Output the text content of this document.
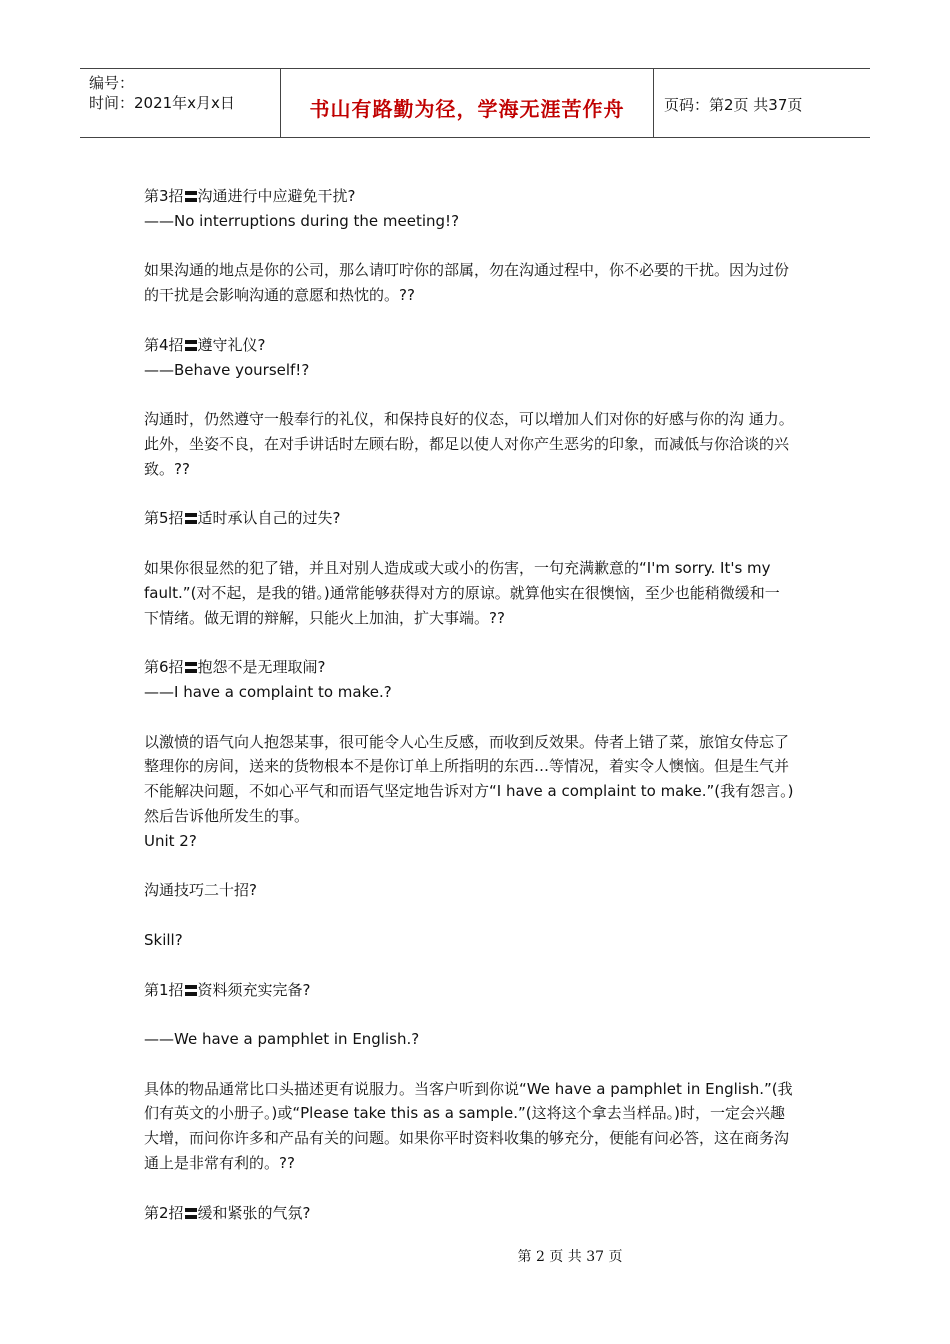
编号：
时间：2021年x月x日	书山有路勤为径，学海无涯苦作舟	页码：第2页 共37页

第3招 沟通进行中应避免干扰?

——No interruptions during the meeting!?

如果沟通的地点是你的公司，那么请叮咛你的部属，勿在沟通过程中，你不必要的干扰。因为过份的干扰是会影响沟通的意愿和热忱的。??

第4招 遵守礼仪?

——Behave yourself!?

沟通时，仍然遵守一般奉行的礼仪，和保持良好的仪态，可以增加人们对你的好感与你的沟 通力。此外，坐姿不良，在对手讲话时左顾右盼，都足以使人对你产生恶劣的印象，而减低与你洽谈的兴致。??

第5招 适时承认自己的过失?

如果你很显然的犯了错，并且对别人造成或大或小的伤害，一句充满歉意的“I'm sorry. It's my fault.”(对不起，是我的错。)通常能够获得对方的原谅。就算他实在很懊恼，至少也能稍微缓和一下情绪。做无谓的辩解，只能火上加油，扩大事端。??

第6招 抱怨不是无理取闹?

——I have a complaint to make.?

以激愤的语气向人抱怨某事，很可能令人心生反感，而收到反效果。侍者上错了菜，旅馆女侍忘了整理你的房间，送来的货物根本不是你订单上所指明的东西…等情况，着实令人懊恼。但是生气并不能解决问题，不如心平气和而语气坚定地告诉对方“I have a complaint to make.”(我有怨言。)然后告诉他所发生的事。

Unit 2?

沟通技巧二十招?

Skill?

第1招 资料须充实完备?

——We have a pamphlet in English.?

具体的物品通常比口头描述更有说服力。当客户听到你说“We have a pamphlet in English.”(我们有英文的小册子。)或“Please take this as a sample.”(这将这个拿去当样品。)时，一定会兴趣大增，而问你许多和产品有关的问题。如果你平时资料收集的够充分，便能有问必答，这在商务沟通上是非常有利的。??

第2招 缓和紧张的气氛?

第 2 页 共 37 页
